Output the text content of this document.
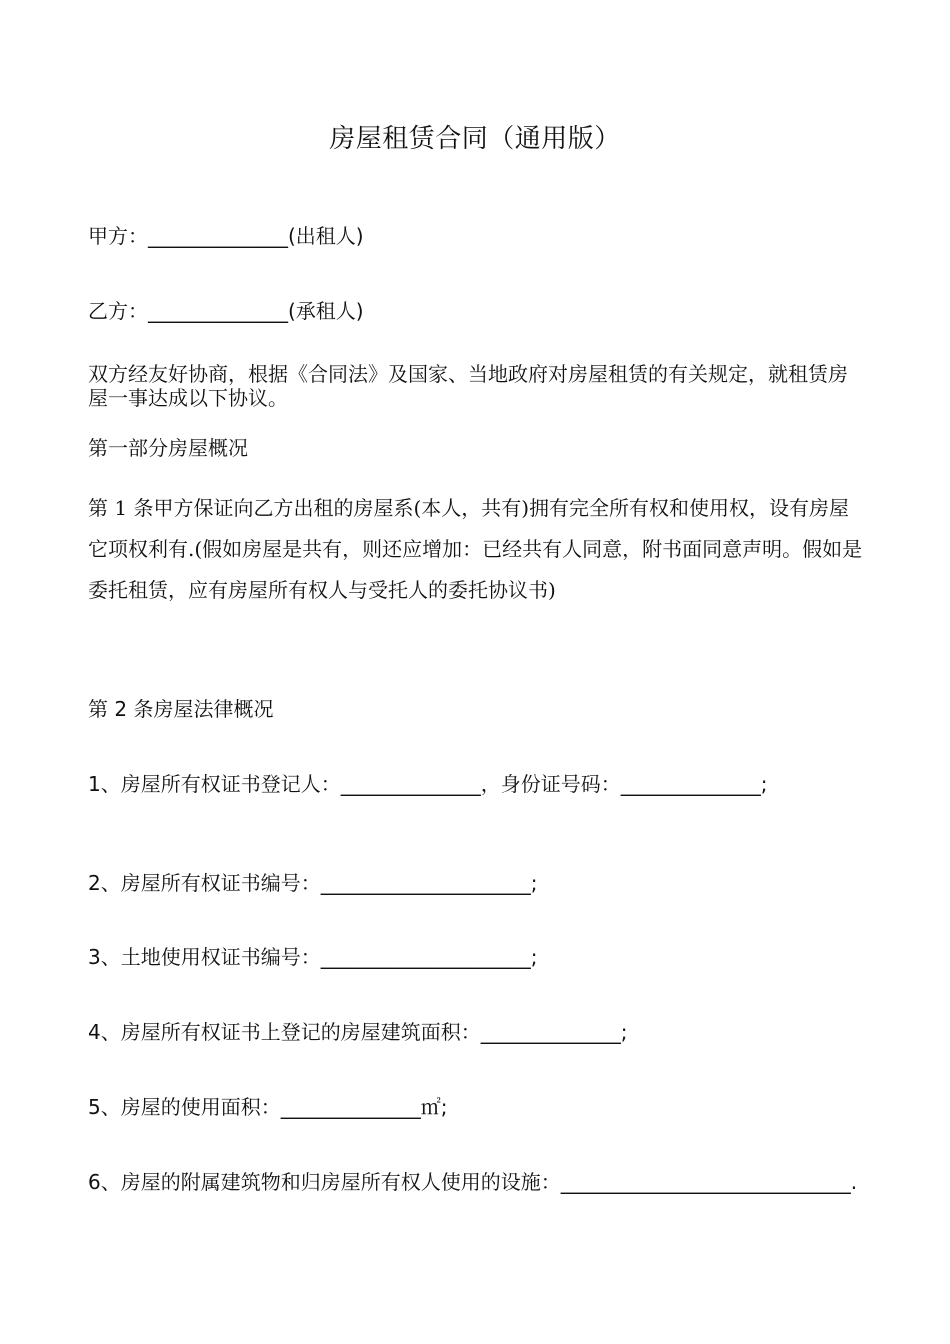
房屋租赁合同（通用版）
甲方：______________(出租人)
乙方：______________(承租人)
双方经友好协商，根据《合同法》及国家、当地政府对房屋租赁的有关规定，就租赁房屋一事达成以下协议。
第一部分房屋概况
第 1 条甲方保证向乙方出租的房屋系(本人，共有)拥有完全所有权和使用权，设有房屋它项权利有.(假如房屋是共有，则还应增加：已经共有人同意，附书面同意声明。假如是委托租赁，应有房屋所有权人与受托人的委托协议书)
第 2 条房屋法律概况
1、房屋所有权证书登记人：______________，身份证号码：______________;
2、房屋所有权证书编号：_____________________;
3、土地使用权证书编号：_____________________;
4、房屋所有权证书上登记的房屋建筑面积：______________;
5、房屋的使用面积：______________㎡;
6、房屋的附属建筑物和归房屋所有权人使用的设施：_____________________________.
